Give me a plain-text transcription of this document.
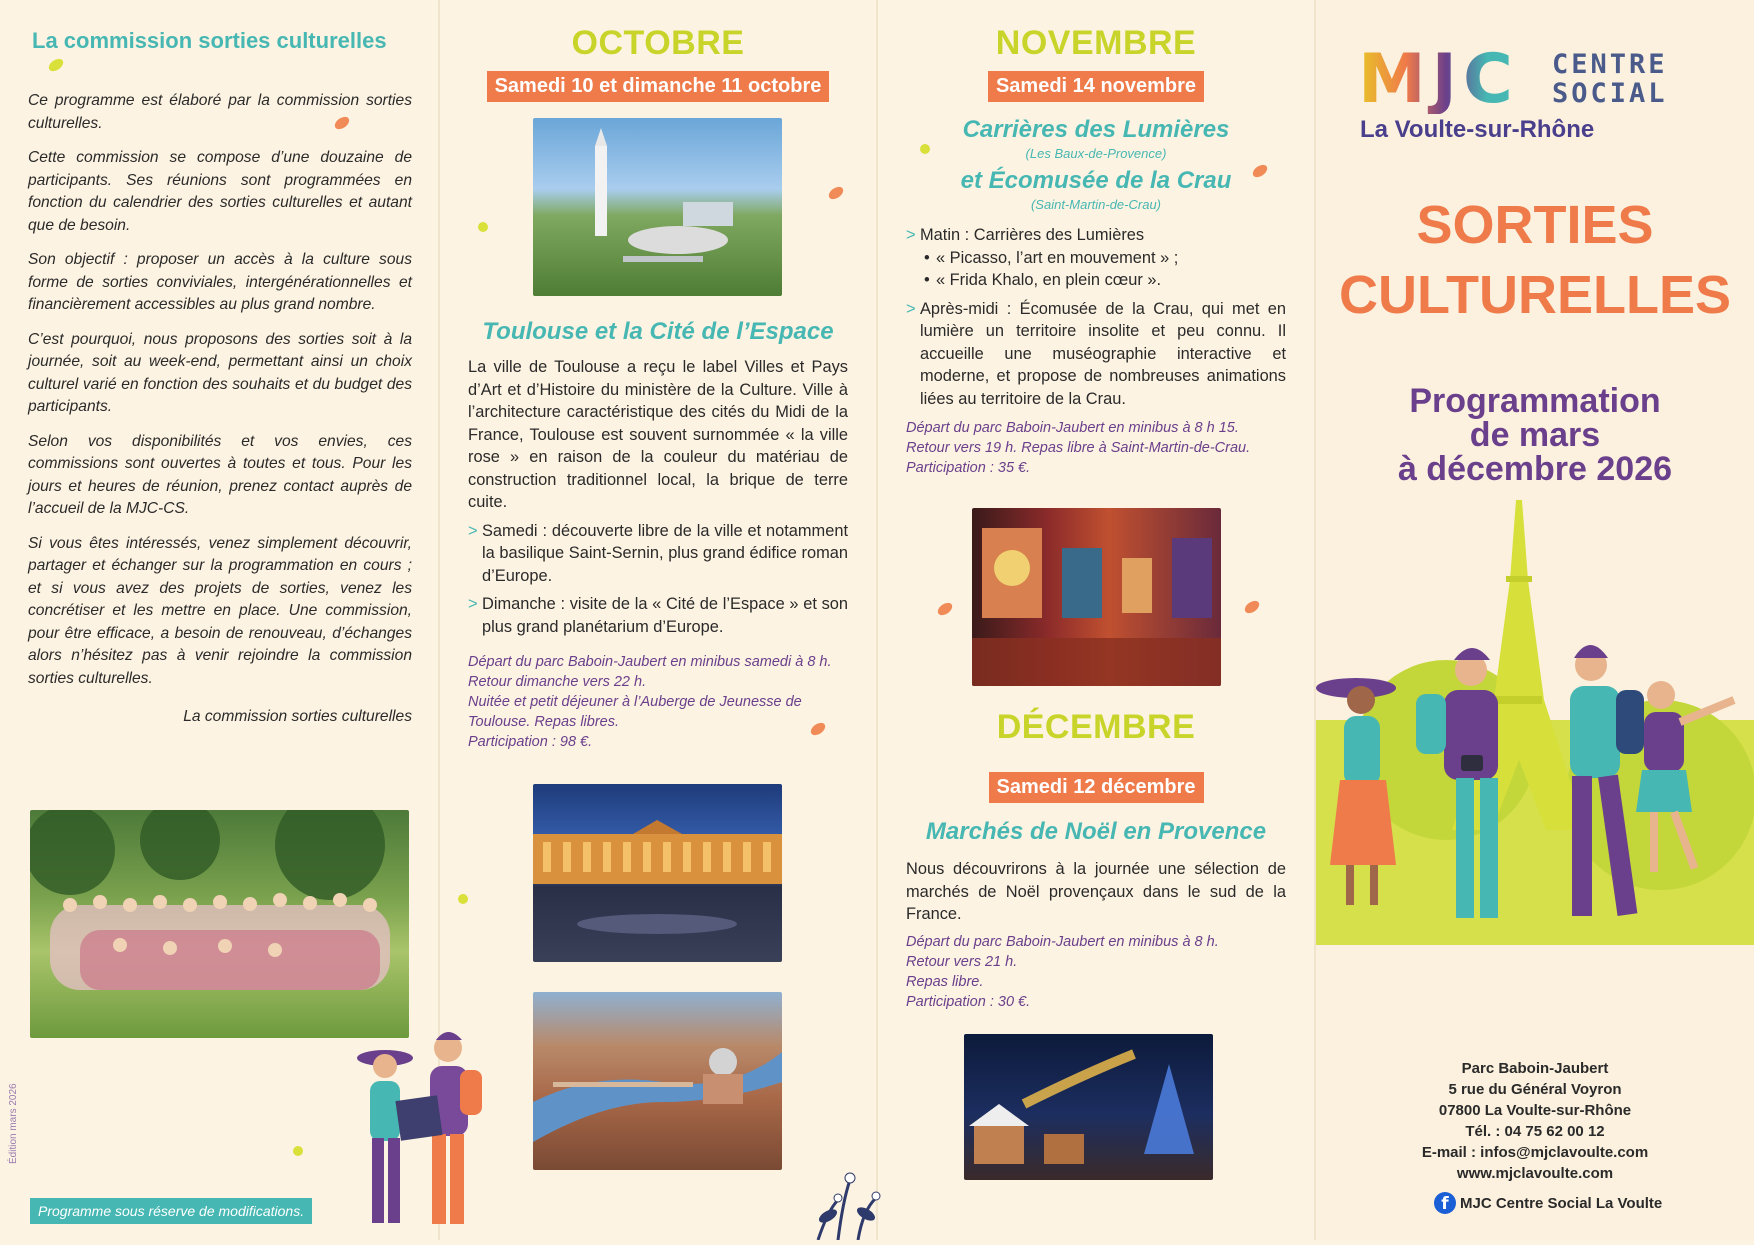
La commission sorties culturelles

Ce programme est élaboré par la commission sorties culturelles.

Cette commission se compose d’une douzaine de participants. Ses réunions sont programmées en fonction du calendrier des sorties culturelles et autant que de besoin.

Son objectif : proposer un accès à la culture sous forme de sorties conviviales, intergénérationnelles et financièrement accessibles au plus grand nombre.

C’est pourquoi, nous proposons des sorties soit à la journée, soit au week-end, permettant ainsi un choix culturel varié en fonction des souhaits et du budget des participants.

Selon vos disponibilités et vos envies, ces commissions sont ouvertes à toutes et tous. Pour les jours et heures de réunion, prenez contact auprès de l’accueil de la MJC-CS.

Si vous êtes intéressés, venez simplement découvrir, partager et échanger sur la programmation en cours ; et si vous avez des projets de sorties, venez les concrétiser et les mettre en place. Une commission, pour être efficace, a besoin de renouveau, d’échanges alors n’hésitez pas à venir rejoindre la commission sorties culturelles.

La commission sorties culturelles
Édition mars 2026
Programme sous réserve de modifications.
OCTOBRE
Samedi 10 et dimanche 11 octobre
Toulouse et la Cité de l’Espace

La ville de Toulouse a reçu le label Villes et Pays d’Art et d’Histoire du ministère de la Culture. Ville à l’architecture caractéristique des cités du Midi de la France, Toulouse est souvent surnommée « la ville rose » en raison de la couleur du matériau de construction traditionnel local, la brique de terre cuite.

> Samedi : découverte libre de la ville et notamment la basilique Saint-Sernin, plus grand édifice roman d’Europe.

> Dimanche : visite de la « Cité de l’Espace » et son plus grand planétarium d’Europe.

Départ du parc Baboin-Jaubert en minibus samedi à 8 h. Retour dimanche vers 22 h.
Nuitée et petit déjeuner à l’Auberge de Jeunesse de Toulouse. Repas libres.
Participation : 98 €.
NOVEMBRE
Samedi 14 novembre
Carrières des Lumières
(Les Baux-de-Provence)
et Écomusée de la Crau
(Saint-Martin-de-Crau)
> Matin : Carrières des Lumières
• « Picasso, l’art en mouvement » ;
• « Frida Khalo, en plein cœur ».

> Après-midi : Écomusée de la Crau, qui met en lumière un territoire insolite et peu connu. Il accueille une muséographie interactive et moderne, et propose de nombreuses animations liées au territoire de la Crau.

Départ du parc Baboin-Jaubert en minibus à 8 h 15.
Retour vers 19 h. Repas libre à Saint-Martin-de-Crau.
Participation : 35 €.
DÉCEMBRE
Samedi 12 décembre
Marchés de Noël en Provence

Nous découvrirons à la journée une sélection de marchés de Noël provençaux dans le sud de la France.

Départ du parc Baboin-Jaubert en minibus à 8 h.
Retour vers 21 h.
Repas libre.
Participation : 30 €.
MJC CENTRE
SOCIAL
La Voulte-sur-Rhône
SORTIES
CULTURELLES
Programmation
de mars
à décembre 2026
Parc Baboin-Jaubert
5 rue du Général Voyron
07800 La Voulte-sur-Rhône
Tél. : 04 75 62 00 12
E-mail : infos@mjclavoulte.com
www.mjclavoulte.com
f MJC Centre Social La Voulte
